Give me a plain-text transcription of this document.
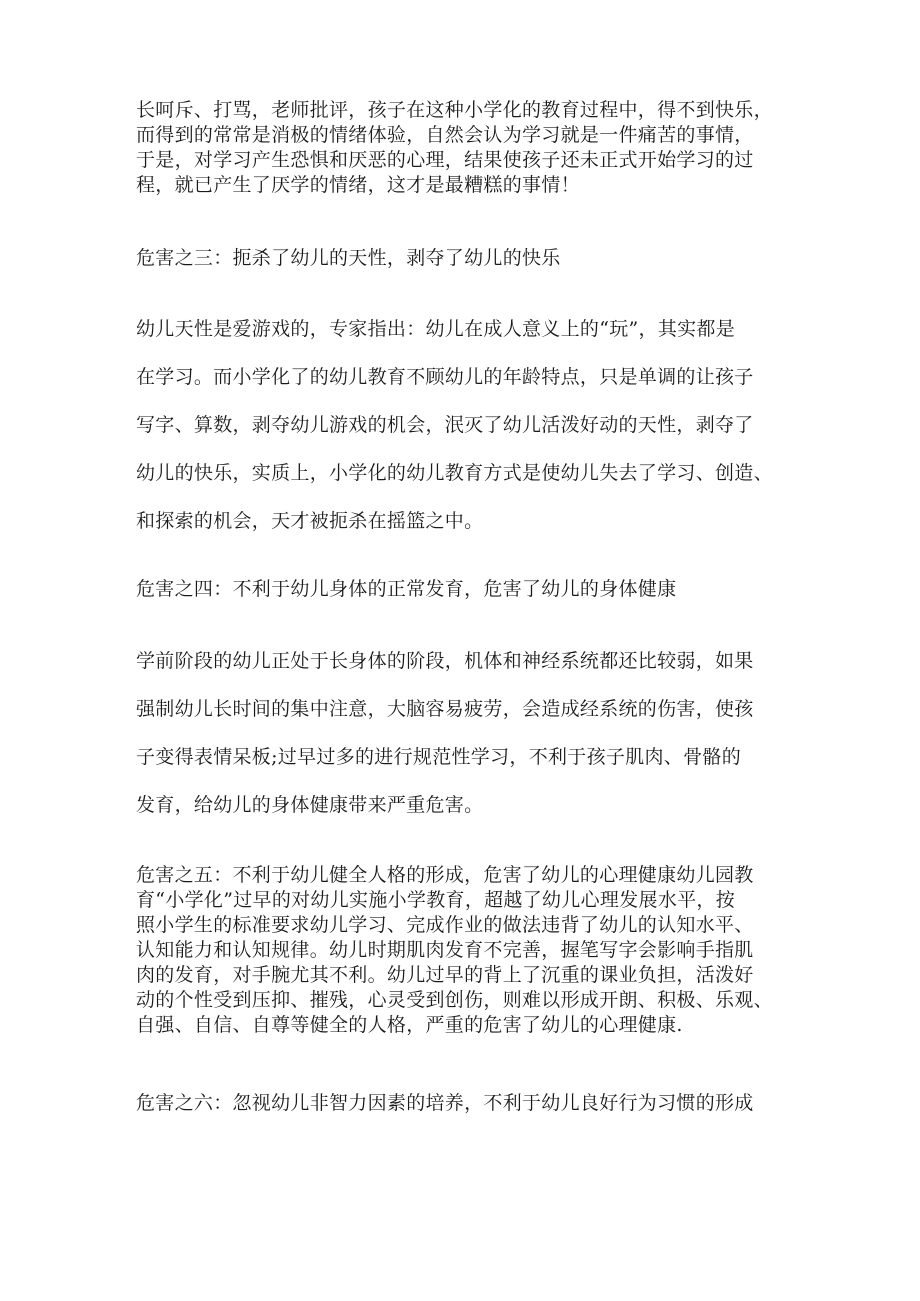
长呵斥、打骂，老师批评，孩子在这种小学化的教育过程中，得不到快乐，
而得到的常常是消极的情绪体验，自然会认为学习就是一件痛苦的事情，
于是，对学习产生恐惧和厌恶的心理，结果使孩子还未正式开始学习的过
程，就已产生了厌学的情绪，这才是最糟糕的事情！
危害之三：扼杀了幼儿的天性，剥夺了幼儿的快乐
幼儿天性是爱游戏的，专家指出：幼儿在成人意义上的“玩”，其实都是
在学习。而小学化了的幼儿教育不顾幼儿的年龄特点，只是单调的让孩子
写字、算数，剥夺幼儿游戏的机会，泯灭了幼儿活泼好动的天性，剥夺了
幼儿的快乐，实质上，小学化的幼儿教育方式是使幼儿失去了学习、创造、
和探索的机会，天才被扼杀在摇篮之中。
危害之四：不利于幼儿身体的正常发育，危害了幼儿的身体健康
学前阶段的幼儿正处于长身体的阶段，机体和神经系统都还比较弱，如果
强制幼儿长时间的集中注意，大脑容易疲劳，会造成经系统的伤害，使孩
子变得表情呆板;过早过多的进行规范性学习，不利于孩子肌肉、骨骼的
发育，给幼儿的身体健康带来严重危害。
危害之五：不利于幼儿健全人格的形成，危害了幼儿的心理健康幼儿园教
育“小学化”过早的对幼儿实施小学教育，超越了幼儿心理发展水平，按
照小学生的标准要求幼儿学习、完成作业的做法违背了幼儿的认知水平、
认知能力和认知规律。幼儿时期肌肉发育不完善，握笔写字会影响手指肌
肉的发育，对手腕尤其不利。幼儿过早的背上了沉重的课业负担，活泼好
动的个性受到压抑、摧残，心灵受到创伤，则难以形成开朗、积极、乐观、
自强、自信、自尊等健全的人格，严重的危害了幼儿的心理健康.
危害之六：忽视幼儿非智力因素的培养，不利于幼儿良好行为习惯的形成
